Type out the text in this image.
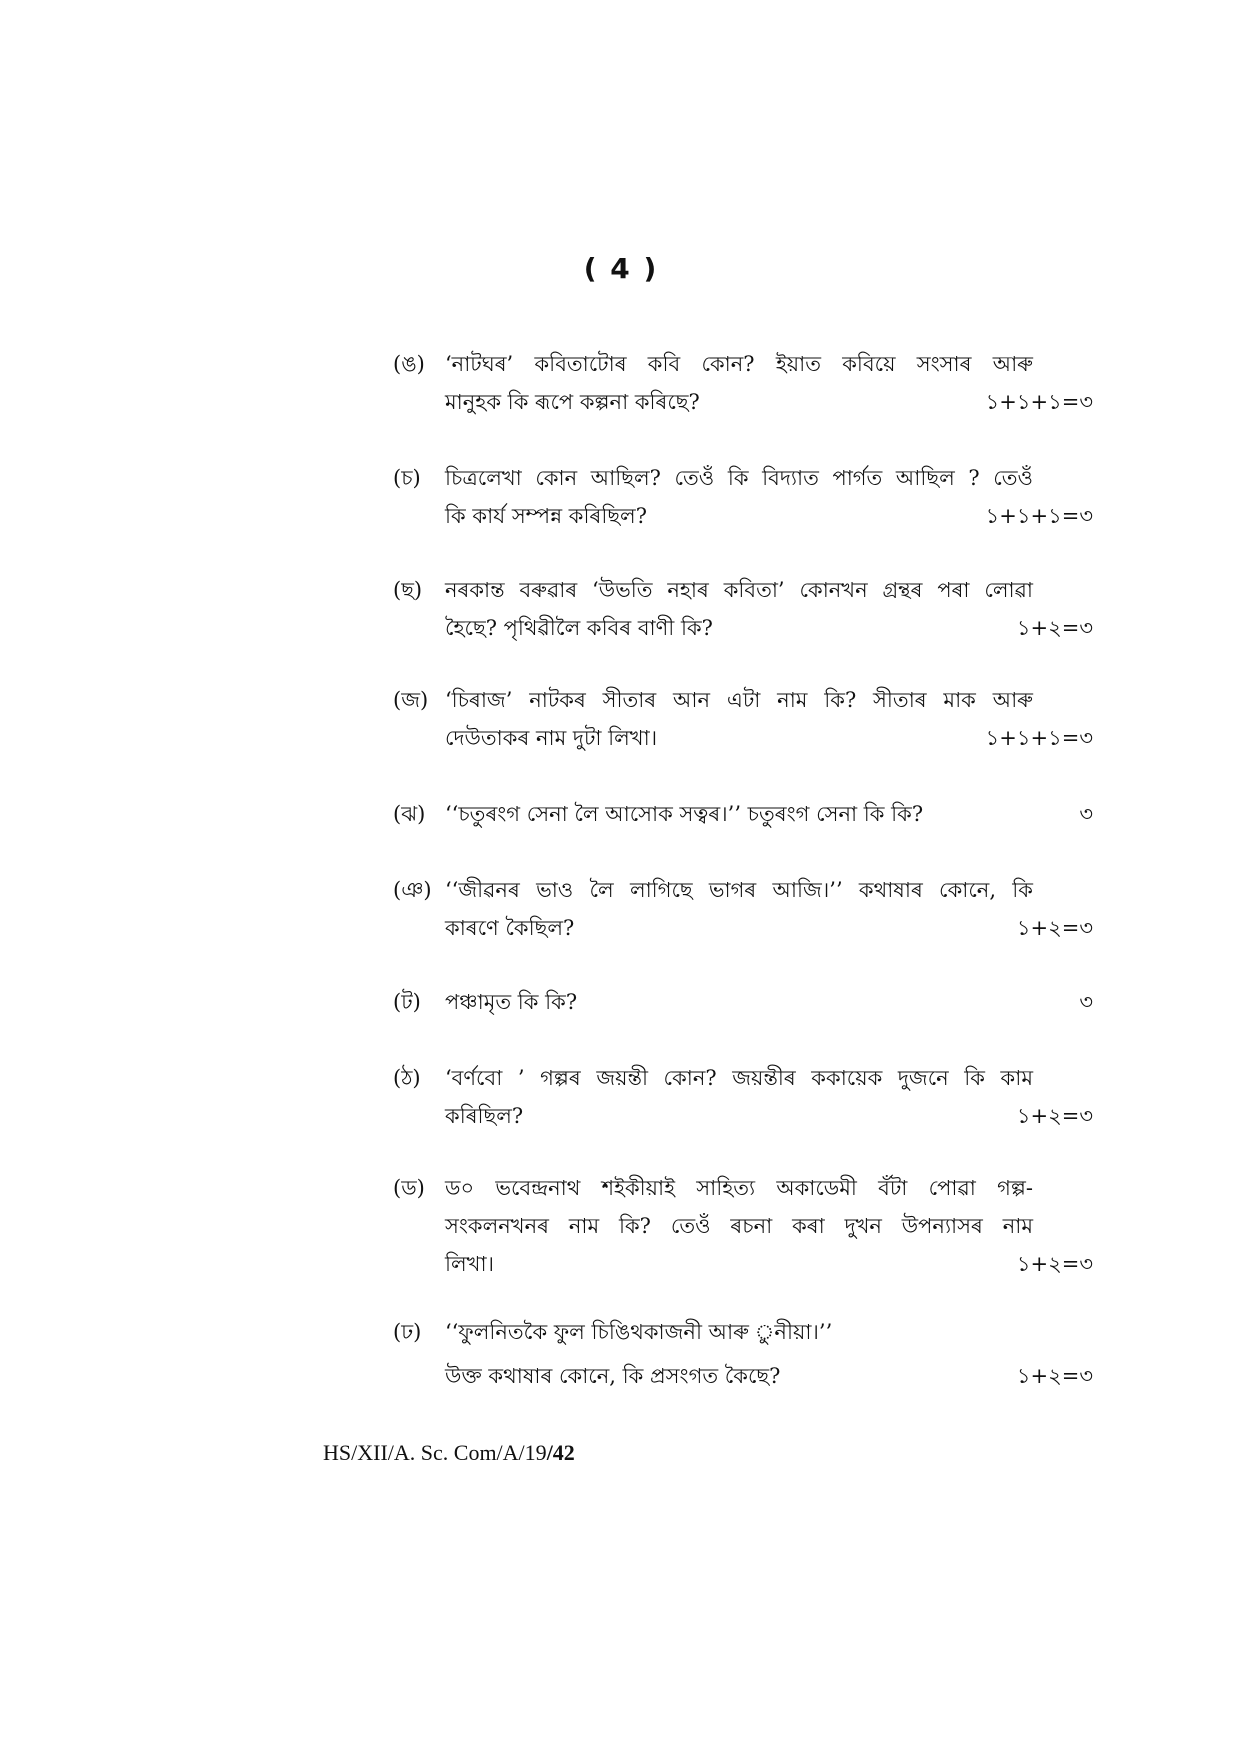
( 4 )
(ঙ) ‘নাটঘৰ’ কবিতাটোৰ কবি কোন? ইয়াত কবিয়ে সংসাৰ আৰু
মানুহক কি ৰূপে কল্পনা কৰিছে?	১+১+১=৩
(চ) চিত্ৰলেখা কোন আছিল? তেওঁ কি বিদ্যাত পাৰ্গত আছিল ? তেওঁ
কি কাৰ্য সম্পন্ন কৰিছিল?	১+১+১=৩
(ছ) নৰকান্ত বৰুৱাৰ ‘উভতি নহাৰ কবিতা’ কোনখন গ্ৰন্থৰ পৰা লোৱা
হৈছে? পৃথিৱীলৈ কবিৰ বাণী কি?	১+২=৩
(জ) ‘চিৰাজ’ নাটকৰ সীতাৰ আন এটা নাম কি? সীতাৰ মাক আৰু
দেউতাকৰ নাম দুটা লিখা।	১+১+১=৩
(ঝ) ‘‘চতুৰংগ সেনা লৈ আসোক সত্বৰ।’’ চতুৰংগ সেনা কি কি?	৩
(ঞ) ‘‘জীৱনৰ ভাও লৈ লাগিছে ভাগৰ আজি।’’ কথাষাৰ কোনে, কি
কাৰণে কৈছিল?	১+২=৩
(ট) পঞ্চামৃত কি কি?	৩
(ঠ) ‘বৰ্ণবো ’ গল্পৰ জয়ন্তী কোন? জয়ন্তীৰ ককায়েক দুজনে কি কাম
কৰিছিল?	১+২=৩
(ড) ড০ ভবেন্দ্ৰনাথ শইকীয়াই সাহিত্য অকাডেমী বঁটা পোৱা গল্প-
সংকলনখনৰ নাম কি? তেওঁ ৰচনা কৰা দুখন উপন্যাসৰ নাম
লিখা।	১+২=৩
(ঢ) ‘‘ফুলনিতকৈ ফুল চিঙিথকাজনী আৰু ুনীয়া।’’
উক্ত কথাষাৰ কোনে, কি প্ৰসংগত কৈছে?	১+২=৩
HS/XII/A. Sc. Com/A/19/42
